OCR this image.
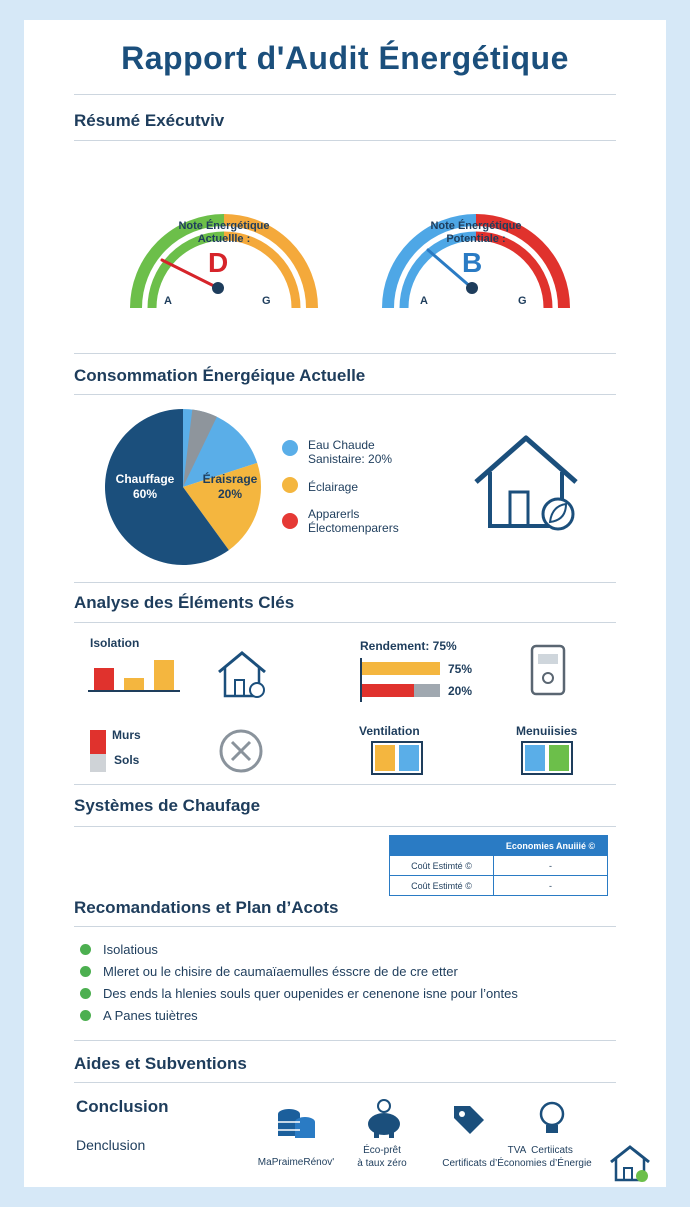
Rapport d'Audit Énergétique
Résumé Exécutviv
Note Énergétique
Actuellle :
D
A	G
Note Énergétique
Potentiale :
B
A	G
Consommation Énergéique Actuelle
Chauffage
60%
Éraisrage
20%
Eau Chaude
Sanistaire: 20%
Éclairage
Apparerls
Électomenparers
Analyse des Éléments Clés
Isolation	Rendement: 75%
75%
20%
Murs
Sols
Ventilation	Menuiisies
Systèmes de Chaufage
	Economies Anuiiié ©
Coût Estimté ©	-
Coût Estimté ©	-
Recomandations et Plan d’Acots
Isolatious
Mleret ou le chisire de caumaïaemulles ésscre de de cre etter
Des ends la hlenies souls quer oupenides er cenenone isne pour l’ontes
A Panes tuiètres
Aides et Subventions
Conclusion
Denclusion
MaPraimeRénov'
Éco-prêt
à taux zéro
TVA
Certificats d’Économies d’Énergie
Certiicats
